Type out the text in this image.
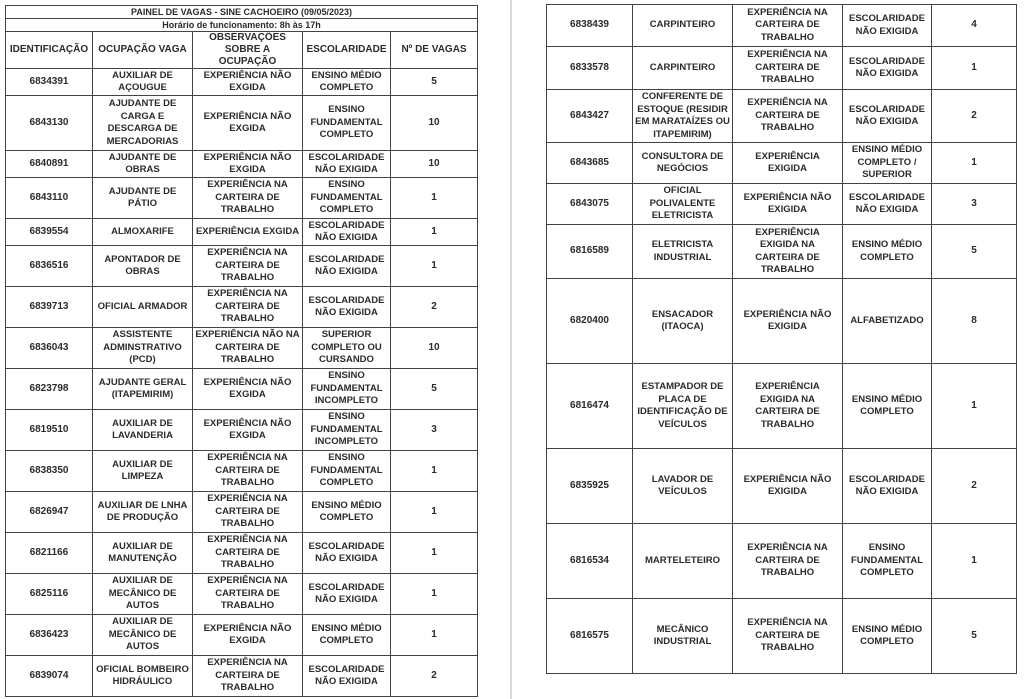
PAINEL DE VAGAS - SINE CACHOEIRO (09/05/2023)				
Horário de funcionamento: 8h às 17h				
IDENTIFICAÇÃO	OCUPAÇÃO VAGA	OBSERVAÇÕES SOBRE A OCUPAÇÃO	ESCOLARIDADE	Nº DE VAGAS
6834391	AUXILIAR DE AÇOUGUE	EXPERIÊNCIA NÃO EXGIDA	ENSINO MÉDIO COMPLETO	5
6843130	AJUDANTE DE CARGA E DESCARGA DE MERCADORIAS	EXPERIÊNCIA NÃO EXGIDA	ENSINO FUNDAMENTAL COMPLETO	10
6840891	AJUDANTE DE OBRAS	EXPERIÊNCIA NÃO EXGIDA	ESCOLARIDADE NÃO EXIGIDA	10
6843110	AJUDANTE DE PÁTIO	EXPERIÊNCIA NA CARTEIRA DE TRABALHO	ENSINO FUNDAMENTAL COMPLETO	1
6839554	ALMOXARIFE	EXPERIÊNCIA EXGIDA	ESCOLARIDADE NÃO EXIGIDA	1
6836516	APONTADOR DE OBRAS	EXPERIÊNCIA NA CARTEIRA DE TRABALHO	ESCOLARIDADE NÃO EXIGIDA	1
6839713	OFICIAL ARMADOR	EXPERIÊNCIA NA CARTEIRA DE TRABALHO	ESCOLARIDADE NÃO EXIGIDA	2
6836043	ASSISTENTE ADMINSTRATIVO (PCD)	EXPERIÊNCIA NÃO NA CARTEIRA DE TRABALHO	SUPERIOR COMPLETO OU CURSANDO	10
6823798	AJUDANTE GERAL (ITAPEMIRIM)	EXPERIÊNCIA NÃO EXGIDA	ENSINO FUNDAMENTAL INCOMPLETO	5
6819510	AUXILIAR DE LAVANDERIA	EXPERIÊNCIA NÃO EXGIDA	ENSINO FUNDAMENTAL INCOMPLETO	3
6838350	AUXILIAR DE LIMPEZA	EXPERIÊNCIA NA CARTEIRA DE TRABALHO	ENSINO FUNDAMENTAL COMPLETO	1
6826947	AUXILIAR DE LNHA DE PRODUÇÃO	EXPERIÊNCIA NA CARTEIRA DE TRABALHO	ENSINO MÉDIO COMPLETO	1
6821166	AUXILIAR DE MANUTENÇÃO	EXPERIÊNCIA NA CARTEIRA DE TRABALHO	ESCOLARIDADE NÃO EXIGIDA	1
6825116	AUXILIAR DE MECÂNICO DE AUTOS	EXPERIÊNCIA NA CARTEIRA DE TRABALHO	ESCOLARIDADE NÃO EXIGIDA	1
6836423	AUXILIAR DE MECÂNICO DE AUTOS	EXPERIÊNCIA NÃO EXGIDA	ENSINO MÉDIO COMPLETO	1
6839074	OFICIAL BOMBEIRO HIDRÁULICO	EXPERIÊNCIA NA CARTEIRA DE TRABALHO	ESCOLARIDADE NÃO EXIGIDA	2
6838439	CARPINTEIRO	EXPERIÊNCIA NA CARTEIRA DE TRABALHO	ESCOLARIDADE NÃO EXIGIDA	4
6833578	CARPINTEIRO	EXPERIÊNCIA NA CARTEIRA DE TRABALHO	ESCOLARIDADE NÃO EXIGIDA	1
6843427	CONFERENTE DE ESTOQUE (RESIDIR EM MARATAÍZES OU ITAPEMIRIM)	EXPERIÊNCIA NA CARTEIRA DE TRABALHO	ESCOLARIDADE NÃO EXIGIDA	2
6843685	CONSULTORA DE NEGÓCIOS	EXPERIÊNCIA EXIGIDA	ENSINO MÉDIO COMPLETO / SUPERIOR	1
6843075	OFICIAL POLIVALENTE ELETRICISTA	EXPERIÊNCIA NÃO EXIGIDA	ESCOLARIDADE NÃO EXIGIDA	3
6816589	ELETRICISTA INDUSTRIAL	EXPERIÊNCIA EXIGIDA NA CARTEIRA DE TRABALHO	ENSINO MÉDIO COMPLETO	5
6820400	ENSACADOR (ITAOCA)	EXPERIÊNCIA NÃO EXIGIDA	ALFABETIZADO	8
6816474	ESTAMPADOR DE PLACA DE IDENTIFICAÇÃO DE VEÍCULOS	EXPERIÊNCIA EXIGIDA NA CARTEIRA DE TRABALHO	ENSINO MÉDIO COMPLETO	1
6835925	LAVADOR DE VEÍCULOS	EXPERIÊNCIA NÃO EXIGIDA	ESCOLARIDADE NÃO EXIGIDA	2
6816534	MARTELETEIRO	EXPERIÊNCIA NA CARTEIRA DE TRABALHO	ENSINO FUNDAMENTAL COMPLETO	1
6816575	MECÂNICO INDUSTRIAL	EXPERIÊNCIA NA CARTEIRA DE TRABALHO	ENSINO MÉDIO COMPLETO	5
